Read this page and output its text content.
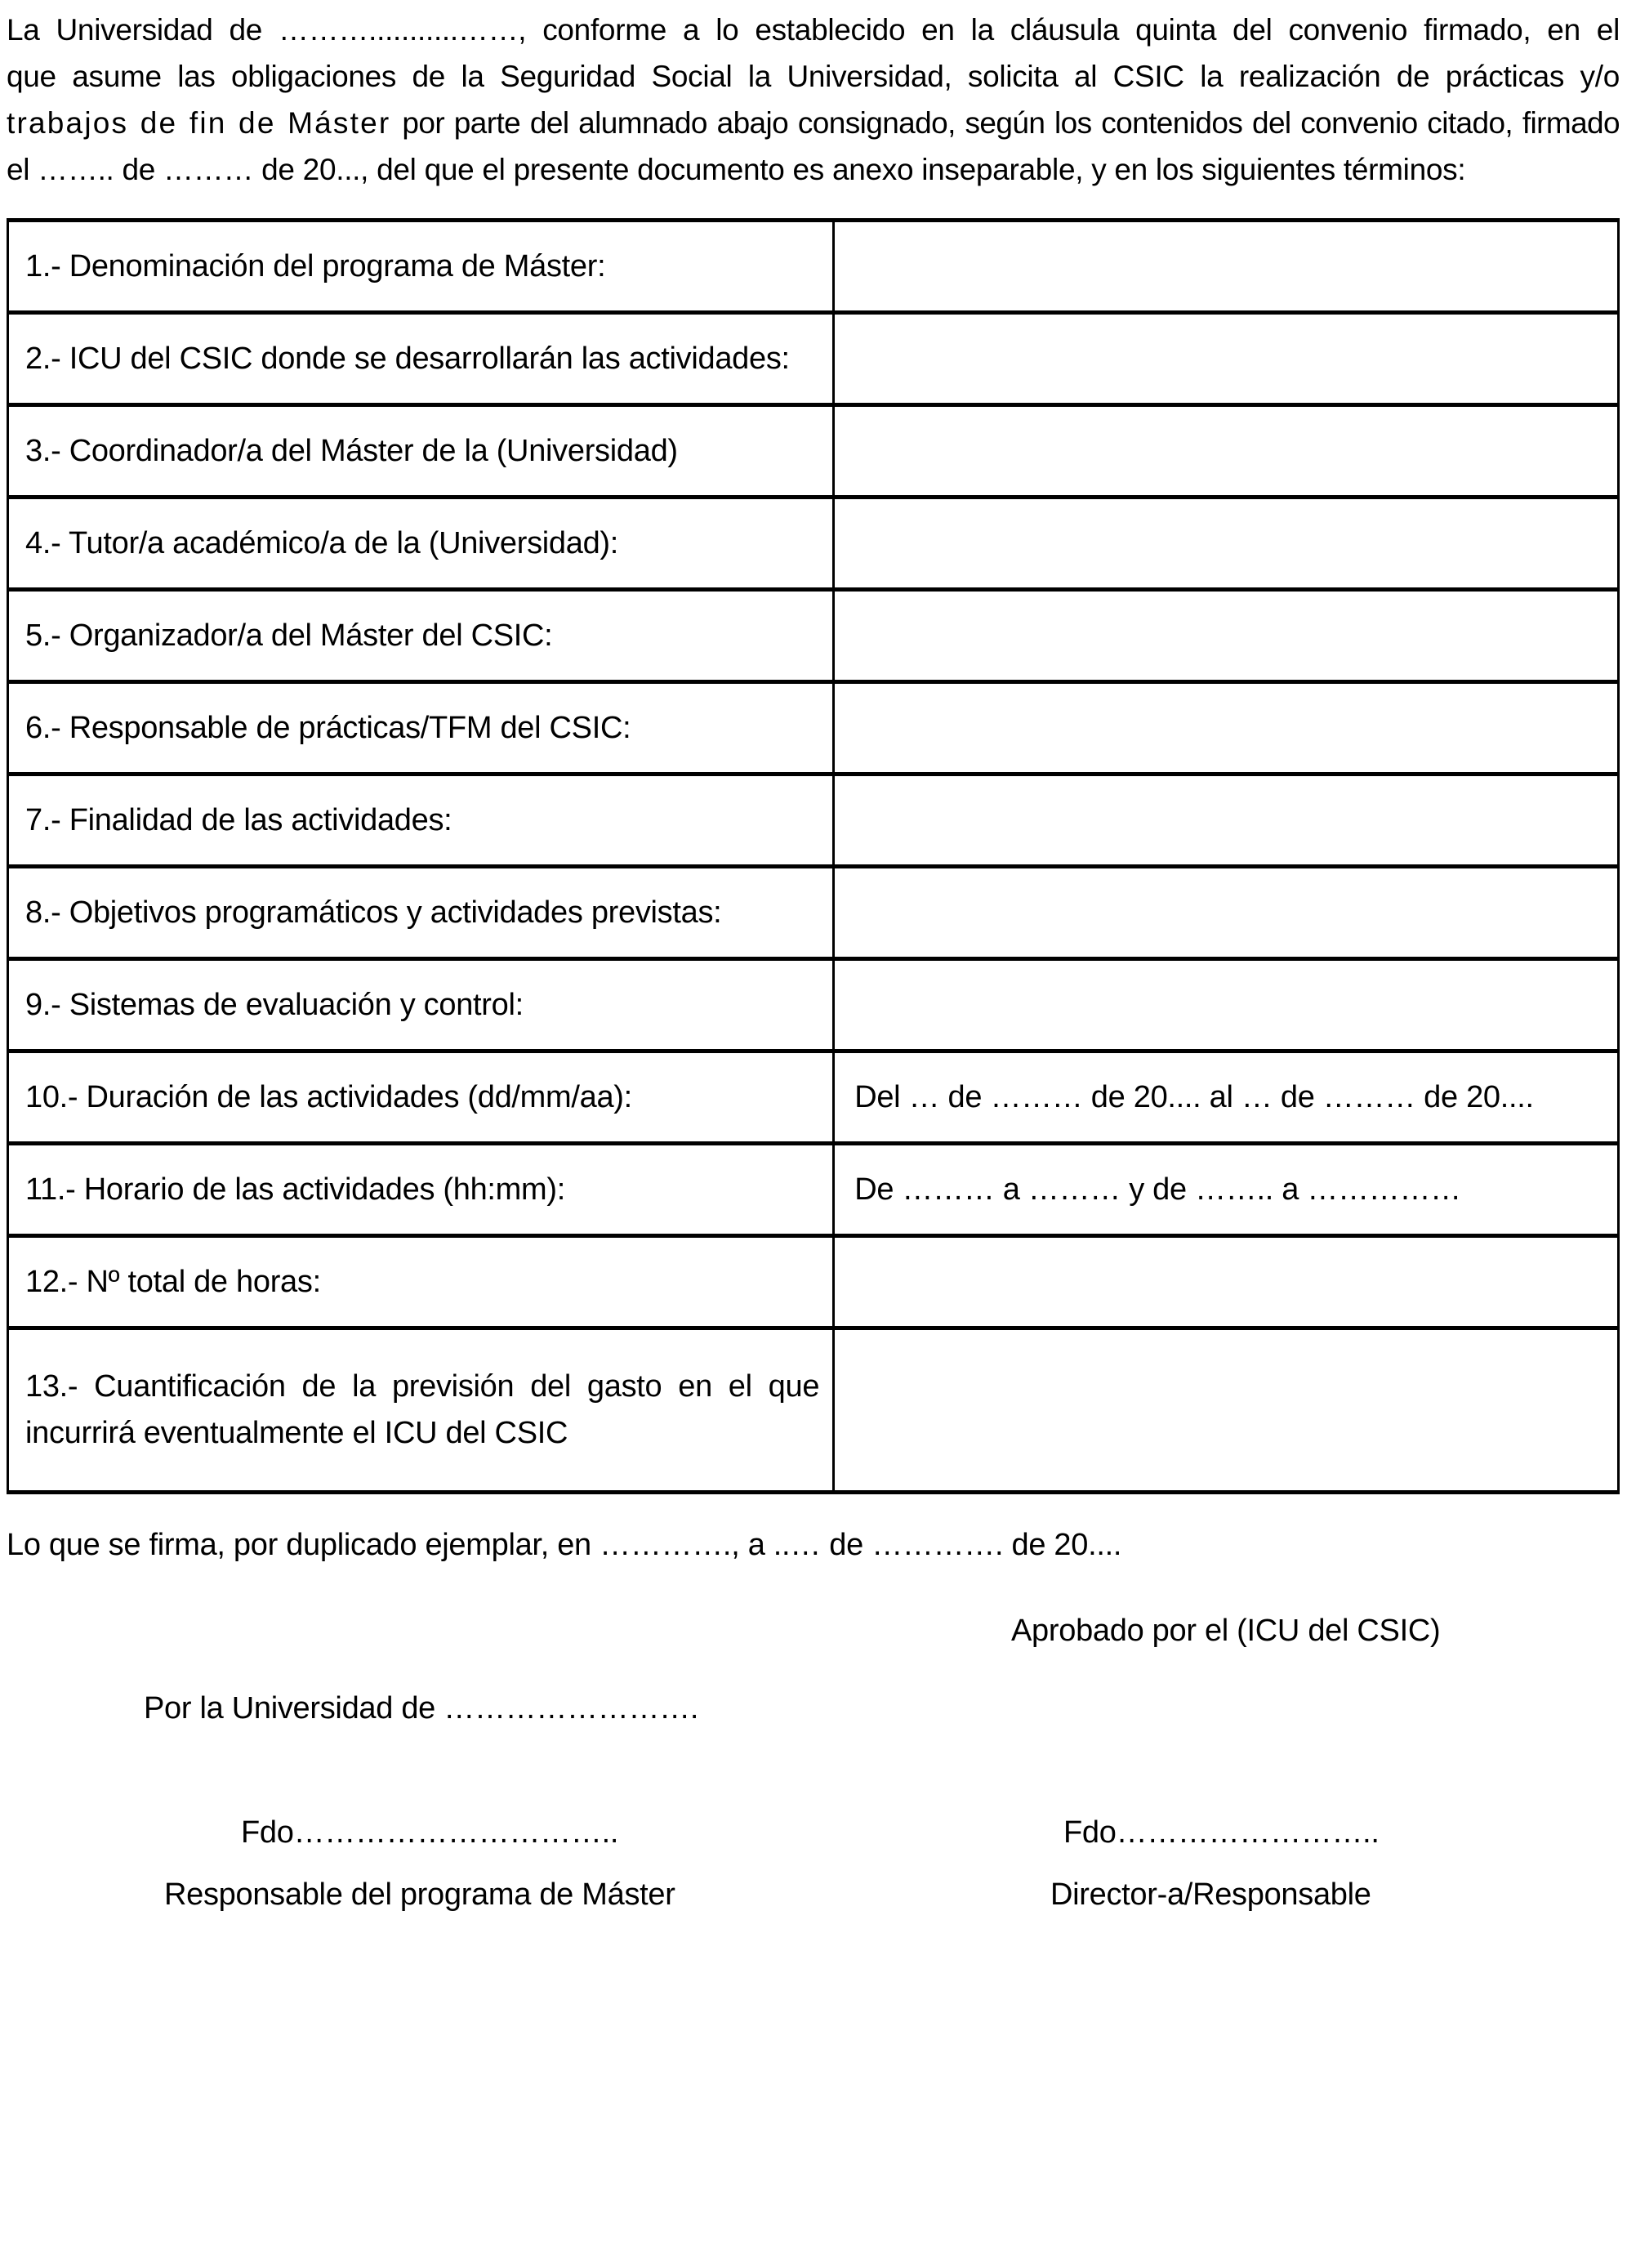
La Universidad de ………...........……, conforme a lo establecido en la cláusula quinta del convenio firmado, en el
que asume las obligaciones de la Seguridad Social la Universidad, solicita al CSIC la realización de prácticas y/o
trabajos de fin de Máster por parte del alumnado abajo consignado, según los contenidos del convenio citado, firmado
el …….. de ……… de 20..., del que el presente documento es anexo inseparable, y en los siguientes términos:
1.- Denominación del programa de Máster:	
2.- ICU del CSIC donde se desarrollarán las actividades:	
3.- Coordinador/a del Máster de la (Universidad)	
4.- Tutor/a académico/a de la (Universidad):	
5.- Organizador/a del Máster del CSIC:	
6.- Responsable de prácticas/TFM del CSIC:	
7.- Finalidad de las actividades:	
8.- Objetivos programáticos y actividades previstas:	
9.- Sistemas de evaluación y control:	
10.- Duración de las actividades (dd/mm/aa):	Del … de ……… de 20.... al … de ……… de 20....
11.- Horario de las actividades (hh:mm):	De ……… a ……… y de …….. a ……………
12.- Nº total de horas:	
13.- Cuantificación de la previsión del gasto en el que incurrirá eventualmente el ICU del CSIC	
Lo que se firma, por duplicado ejemplar, en …………., a ..… de …………. de 20....
Aprobado por el (ICU del CSIC)
Por la Universidad de …………………….
Fdo…………………………..	Fdo……………………..
Responsable del programa de Máster	Director-a/Responsable
